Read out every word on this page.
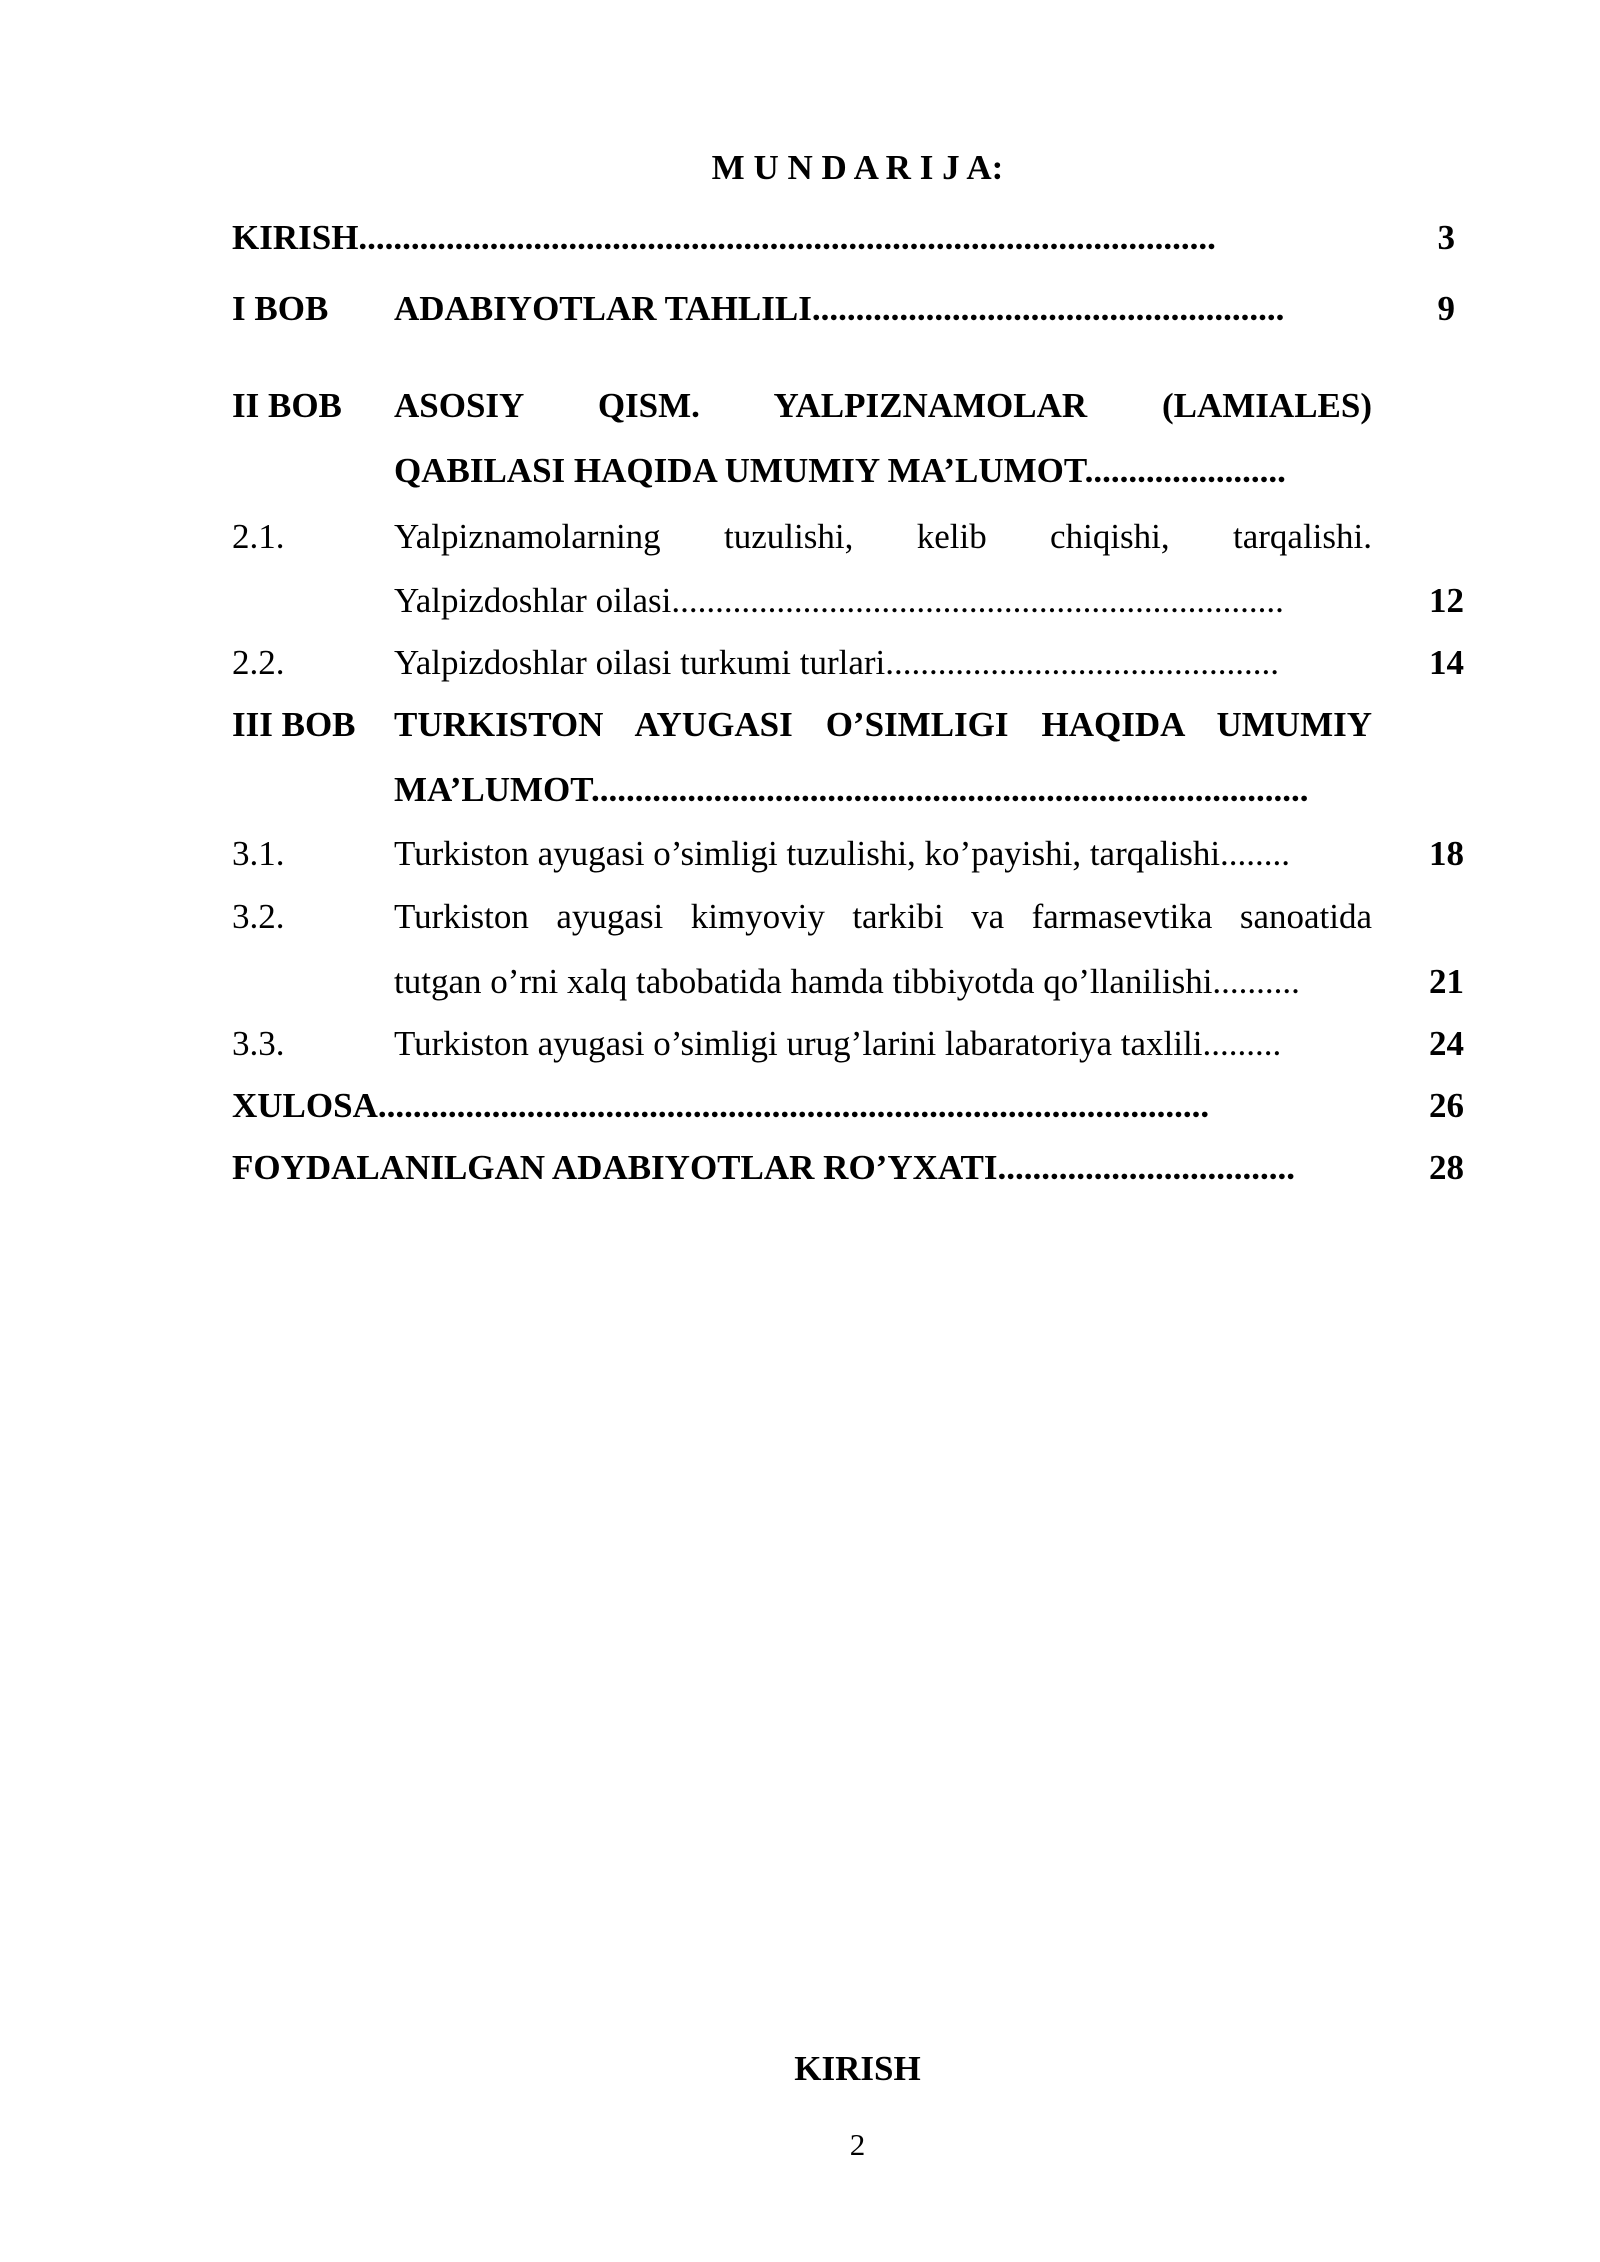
M U N D A R I J A:
KIRISH..................................................................................................	3
I BOB ADABIYOTLAR TAHLILI......................................................	9
II BOB ASOSIY QISM. YALPIZNAMOLAR (LAMIALES)
QABILASI HAQIDA UMUMIY MA’LUMOT.......................
2.1.	Yalpiznamolarning tuzulishi, kelib chiqishi, tarqalishi.
Yalpizdoshlar oilasi......................................................................	12
2.2.	Yalpizdoshlar oilasi turkumi turlari.............................................	14
III BOB TURKISTON AYUGASI O’SIMLIGI HAQIDA UMUMIY
MA’LUMOT..................................................................................
3.1.	Turkiston ayugasi o’simligi tuzulishi, ko’payishi, tarqalishi........	18
3.2.	Turkiston ayugasi kimyoviy tarkibi va farmasevtika sanoatida
tutgan o’rni xalq tabobatida hamda tibbiyotda qo’llanilishi..........	21
3.3.	Turkiston ayugasi o’simligi urug’larini labaratoriya taxlili.........	24
XULOSA...............................................................................................	26
FOYDALANILGAN ADABIYOTLAR RO’YXATI..................................	28
KIRISH
2
